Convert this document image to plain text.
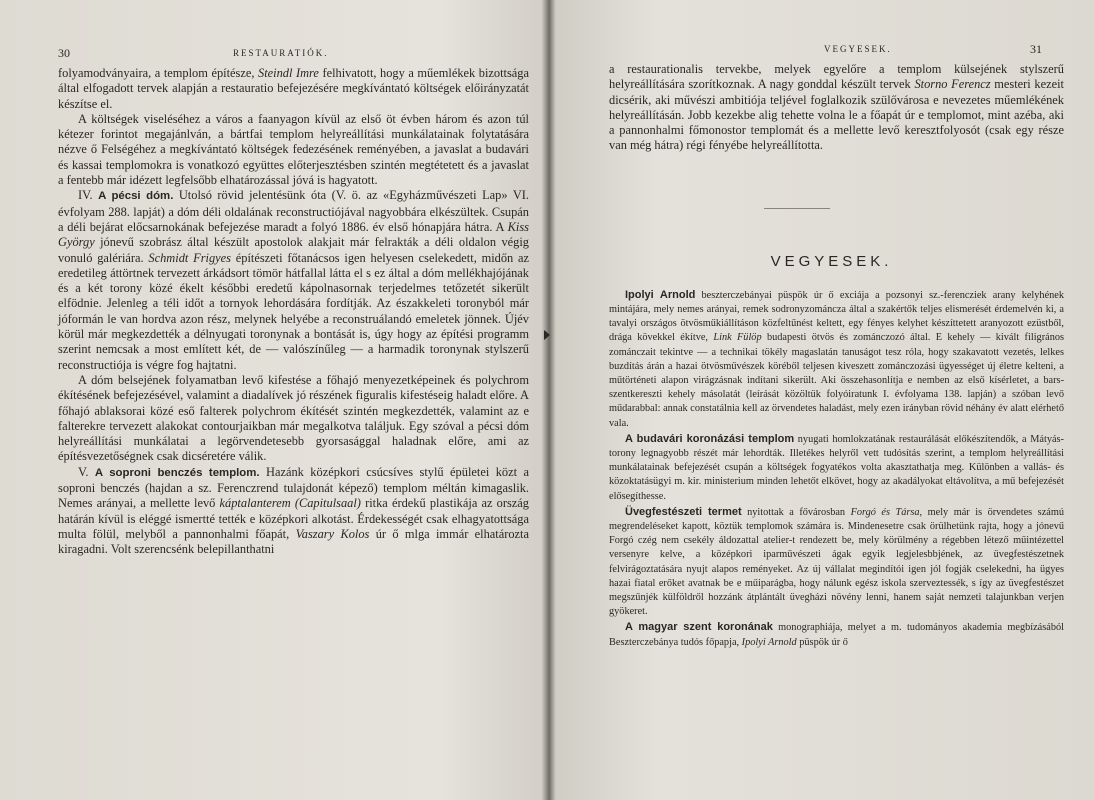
30	RESTAURATIÓK.

folyamodványaira, a templom építésze, Steindl Imre felhivatott, hogy a műemlékek bizottsága által elfogadott tervek alapján a restauratio befejezésére megkívántató költségek előirányzatát készítse el.

A költségek viseléséhez a város a faanyagon kívül az első öt évben három és azon túl kétezer forintot megajánlván, a bártfai templom helyreállítási munkálatainak folytatására nézve ő Felségéhez a megkívántató költségek fedezésének reményében, a javaslat a budavári és kassai templomokra is vonatkozó együttes előterjesztésben szintén megtétetett és a javaslat a fentebb már idézett legfelsőbb elhatározással jóvá is hagyatott.

IV. A pécsi dóm. Utolsó rövid jelentésünk óta (V. ö. az «Egyházművészeti Lap» VI. évfolyam 288. lapját) a dóm déli oldalának reconstructiójával nagyobbára elkészültek. Csupán a déli bejárat előcsarnokának befejezése maradt a folyó 1886. év első hónapjára hátra. A Kiss György jónevű szobrász által készült apostolok alakjait már felrakták a déli oldalon végig vonuló galériára. Schmidt Frigyes építészeti főtanácsos igen helyesen cselekedett, midőn az eredetileg áttörtnek tervezett árkádsort tömör hátfallal látta el s ez által a dóm mellékhajójának és a két torony közé ékelt későbbi eredetű kápolnasornak terjedelmes tetőzetét sikerült elfödnie. Jelenleg a téli időt a tornyok lehordására fordítják. Az északkeleti toronyból már jóformán le van hordva azon rész, melynek helyébe a reconstruálandó emeletek jönnek. Újév körül már megkezdették a délnyugati toronynak a bontását is, úgy hogy az építési programm szerint nemcsak a most említett két, de — valószínűleg — a harmadik toronynak stylszerű reconstructiója is végre fog hajtatni.

A dóm belsejének folyamatban levő kifestése a főhajó menyezetképeinek és polychrom ékítésének befejezésével, valamint a diadalívek jó részének figuralis kifestéseig haladt előre. A főhajó ablaksorai közé eső falterek polychrom ékítését szintén megkezdették, valamint az e falterekre tervezett alakokat contourjaikban már megalkotva találjuk. Egy szóval a pécsi dóm helyreállítási munkálatai a legörvendetesebb gyorsasággal haladnak előre, ami az építésvezetőségnek csak dicséretére válik.

V. A soproni benczés templom. Hazánk középkori csúcsíves stylű épületei közt a soproni benczés (hajdan a sz. Ferenczrend tulajdonát képező) templom méltán kimagaslik. Nemes arányai, a mellette levő káptalanterem (Capitulsaal) ritka érdekű plastikája az ország határán kívül is eléggé ismertté tették e középkori alkotást. Érdekességét csak elhagyatottsága multa fölül, melyből a pannonhalmi főapát, Vaszary Kolos úr ő mlga immár elhatározta kiragadni. Volt szerencsénk belepillanthatni

VEGYESEK.	31

a restaurationalis tervekbe, melyek egyelőre a templom külsejének stylszerű helyreállítására szorítkoznak. A nagy gonddal készült tervek Storno Ferencz mesteri kezeit dicsérik, aki művészi ambitiója teljével foglalkozik szülővárosa e nevezetes műemlékének helyreállításán. Jobb kezekbe alig tehette volna le a főapát úr e templomot, mint azéba, aki a pannonhalmi főmonostor templomát és a mellette levő keresztfolyosót (csak egy része van még hátra) régi fényébe helyreállította.

VEGYESEK.

Ipolyi Arnold beszterczebányai püspök úr ő exciája a pozsonyi sz.-ferencziek arany kelyhének mintájára, mely nemes arányai, remek sodronyzománcza által a szakértők teljes elismerését érdemelvén ki, a tavalyi országos ötvösműkiállításon közfeltűnést keltett, egy fényes kelyhet készíttetett aranyozott ezüstből, drága kövekkel ékítve, Link Fülöp budapesti ötvös és zománczozó által. E kehely — kivált filigrános zománczait tekintve — a technikai tökély magaslatán tanuságot tesz róla, hogy szakavatott vezetés, lelkes buzdítás árán a hazai ötvösművészek köréből teljesen kiveszett zománczozási ügyességet új életre kelteni, a műtörténeti alapon virágzásnak indítani sikerült. Aki összehasonlítja e nemben az első kísérletet, a bars-szentkereszti kehely másolatát (leírását közöltük folyóiratunk I. évfolyama 138. lapján) a szóban levő műdarabbal: annak constatálnia kell az örvendetes haladást, mely ezen irányban rövid néhány év alatt elérhető vala.

A budavári koronázási templom nyugati homlokzatának restaurálását előkészítendők, a Mátyás-torony legnagyobb részét már lehordták. Illetékes helyről vett tudósítás szerint, a templom helyreállítási munkálatainak befejezését csupán a költségek fogyatékos volta akasztathatja meg. Különben a vallás- és közoktatásügyi m. kir. ministerium minden lehetőt elkövet, hogy az akadályokat eltávolítva, a mű befejezését elősegíthesse.

Üvegfestészeti termet nyitottak a fővárosban Forgó és Társa, mely már is örvendetes számú megrendeléseket kapott, köztük templomok számára is. Mindenesetre csak örülhetünk rajta, hogy a jónevű Forgó czég nem csekély áldozattal atelier-t rendezett be, mely körülmény a régebben létező műintézettel versenyre kelve, a középkori iparművészeti ágak egyik legjelesbbjének, az üvegfestészetnek felvirágoztatására nyujt alapos reményeket. Az új vállalat megindítói igen jól fogják cselekedni, ha ügyes hazai fiatal erőket avatnak be e műiparágba, hogy nálunk egész iskola szerveztessék, s így az üvegfestészet megszűnjék külföldről hozzánk átplántált üvegházi növény lenni, hanem saját nemzeti talajunkban verjen gyökeret.

A magyar szent koronának monographiája, melyet a m. tudományos akademia megbízásából Beszterczebánya tudós főpapja, Ipolyi Arnold püspök úr ő
